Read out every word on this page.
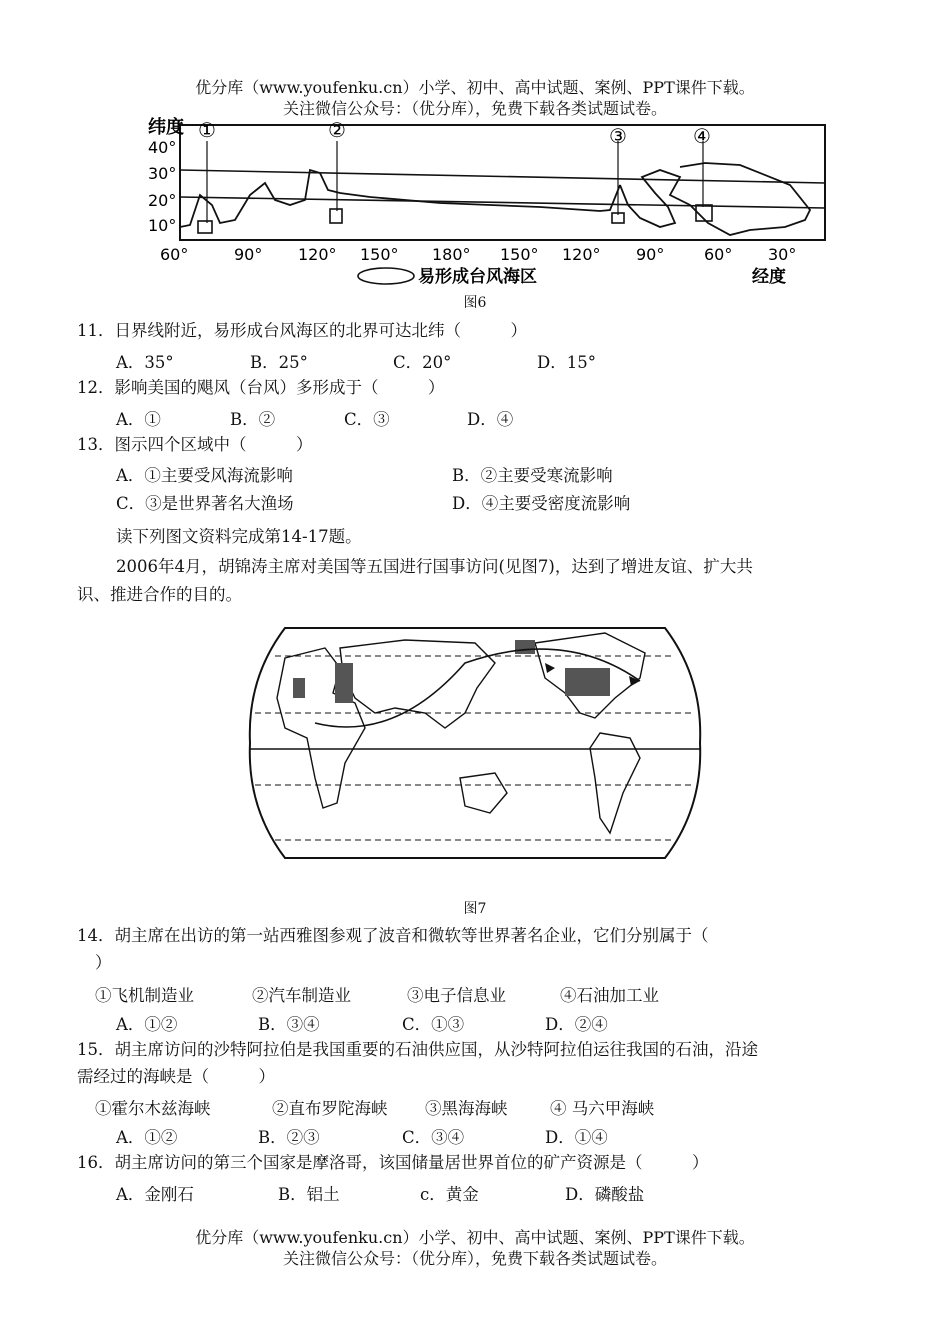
优分库（www.youfenku.cn）小学、初中、高中试题、案例、PPT课件下载。
关注微信公众号：（优分库），免费下载各类试题试卷。
纬度
40°
30°
20°
10°
①	②	③	④
60°	90° 120° 150° 180° 150° 120° 90° 60° 30°
易形成台风海区	经度
图6
11．日界线附近，易形成台风海区的北界可达北纬（　　　）
A．35°	B．25°	C．20°	D．15°
12．影响美国的飓风（台风）多形成于（　　　）
A．①	B．②	C．③	D．④
13．图示四个区域中（　　　）
A．①主要受风海流影响	B．②主要受寒流影响
C．③是世界著名大渔场	D．④主要受密度流影响
读下列图文资料完成第14-17题。
2006年4月，胡锦涛主席对美国等五国进行国事访问(见图7)，达到了增进友谊、扩大共
识、推进合作的目的。
图7
14．胡主席在出访的第一站西雅图参观了波音和微软等世界著名企业，它们分别属于（
）
①飞机制造业	②汽车制造业	③电子信息业	④石油加工业
A．①②	B．③④	C．①③	D．②④
15．胡主席访问的沙特阿拉伯是我国重要的石油供应国，从沙特阿拉伯运往我国的石油，沿途
需经过的海峡是（　　　）
①霍尔木兹海峡	②直布罗陀海峡 ③黑海海峡	④ 马六甲海峡
A．①②	B．②③	C．③④	D．①④
16．胡主席访问的第三个国家是摩洛哥，该国储量居世界首位的矿产资源是（　　　）
A．金刚石	B．铝土	c．黄金	D．磷酸盐
优分库（www.youfenku.cn）小学、初中、高中试题、案例、PPT课件下载。
关注微信公众号：（优分库），免费下载各类试题试卷。
